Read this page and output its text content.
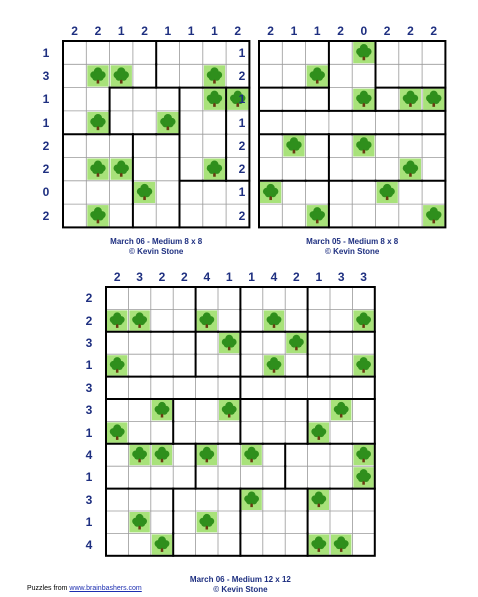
2	2	1	2	1	1	1	2
1
3
1
1
2
2
0
2
March 06 - Medium 8 x 8
© Kevin Stone
2	1	1	2	0	2	2	2
1
2
1
1
2
2
1
2
March 05 - Medium 8 x 8
© Kevin Stone
2	3	2	2	4	1	1	4	2	1	3	3
2
2
3
1
3
3
1
4
1
3
1
4
March 06 - Medium 12 x 12
© Kevin Stone
Puzzles from www.brainbashers.com
